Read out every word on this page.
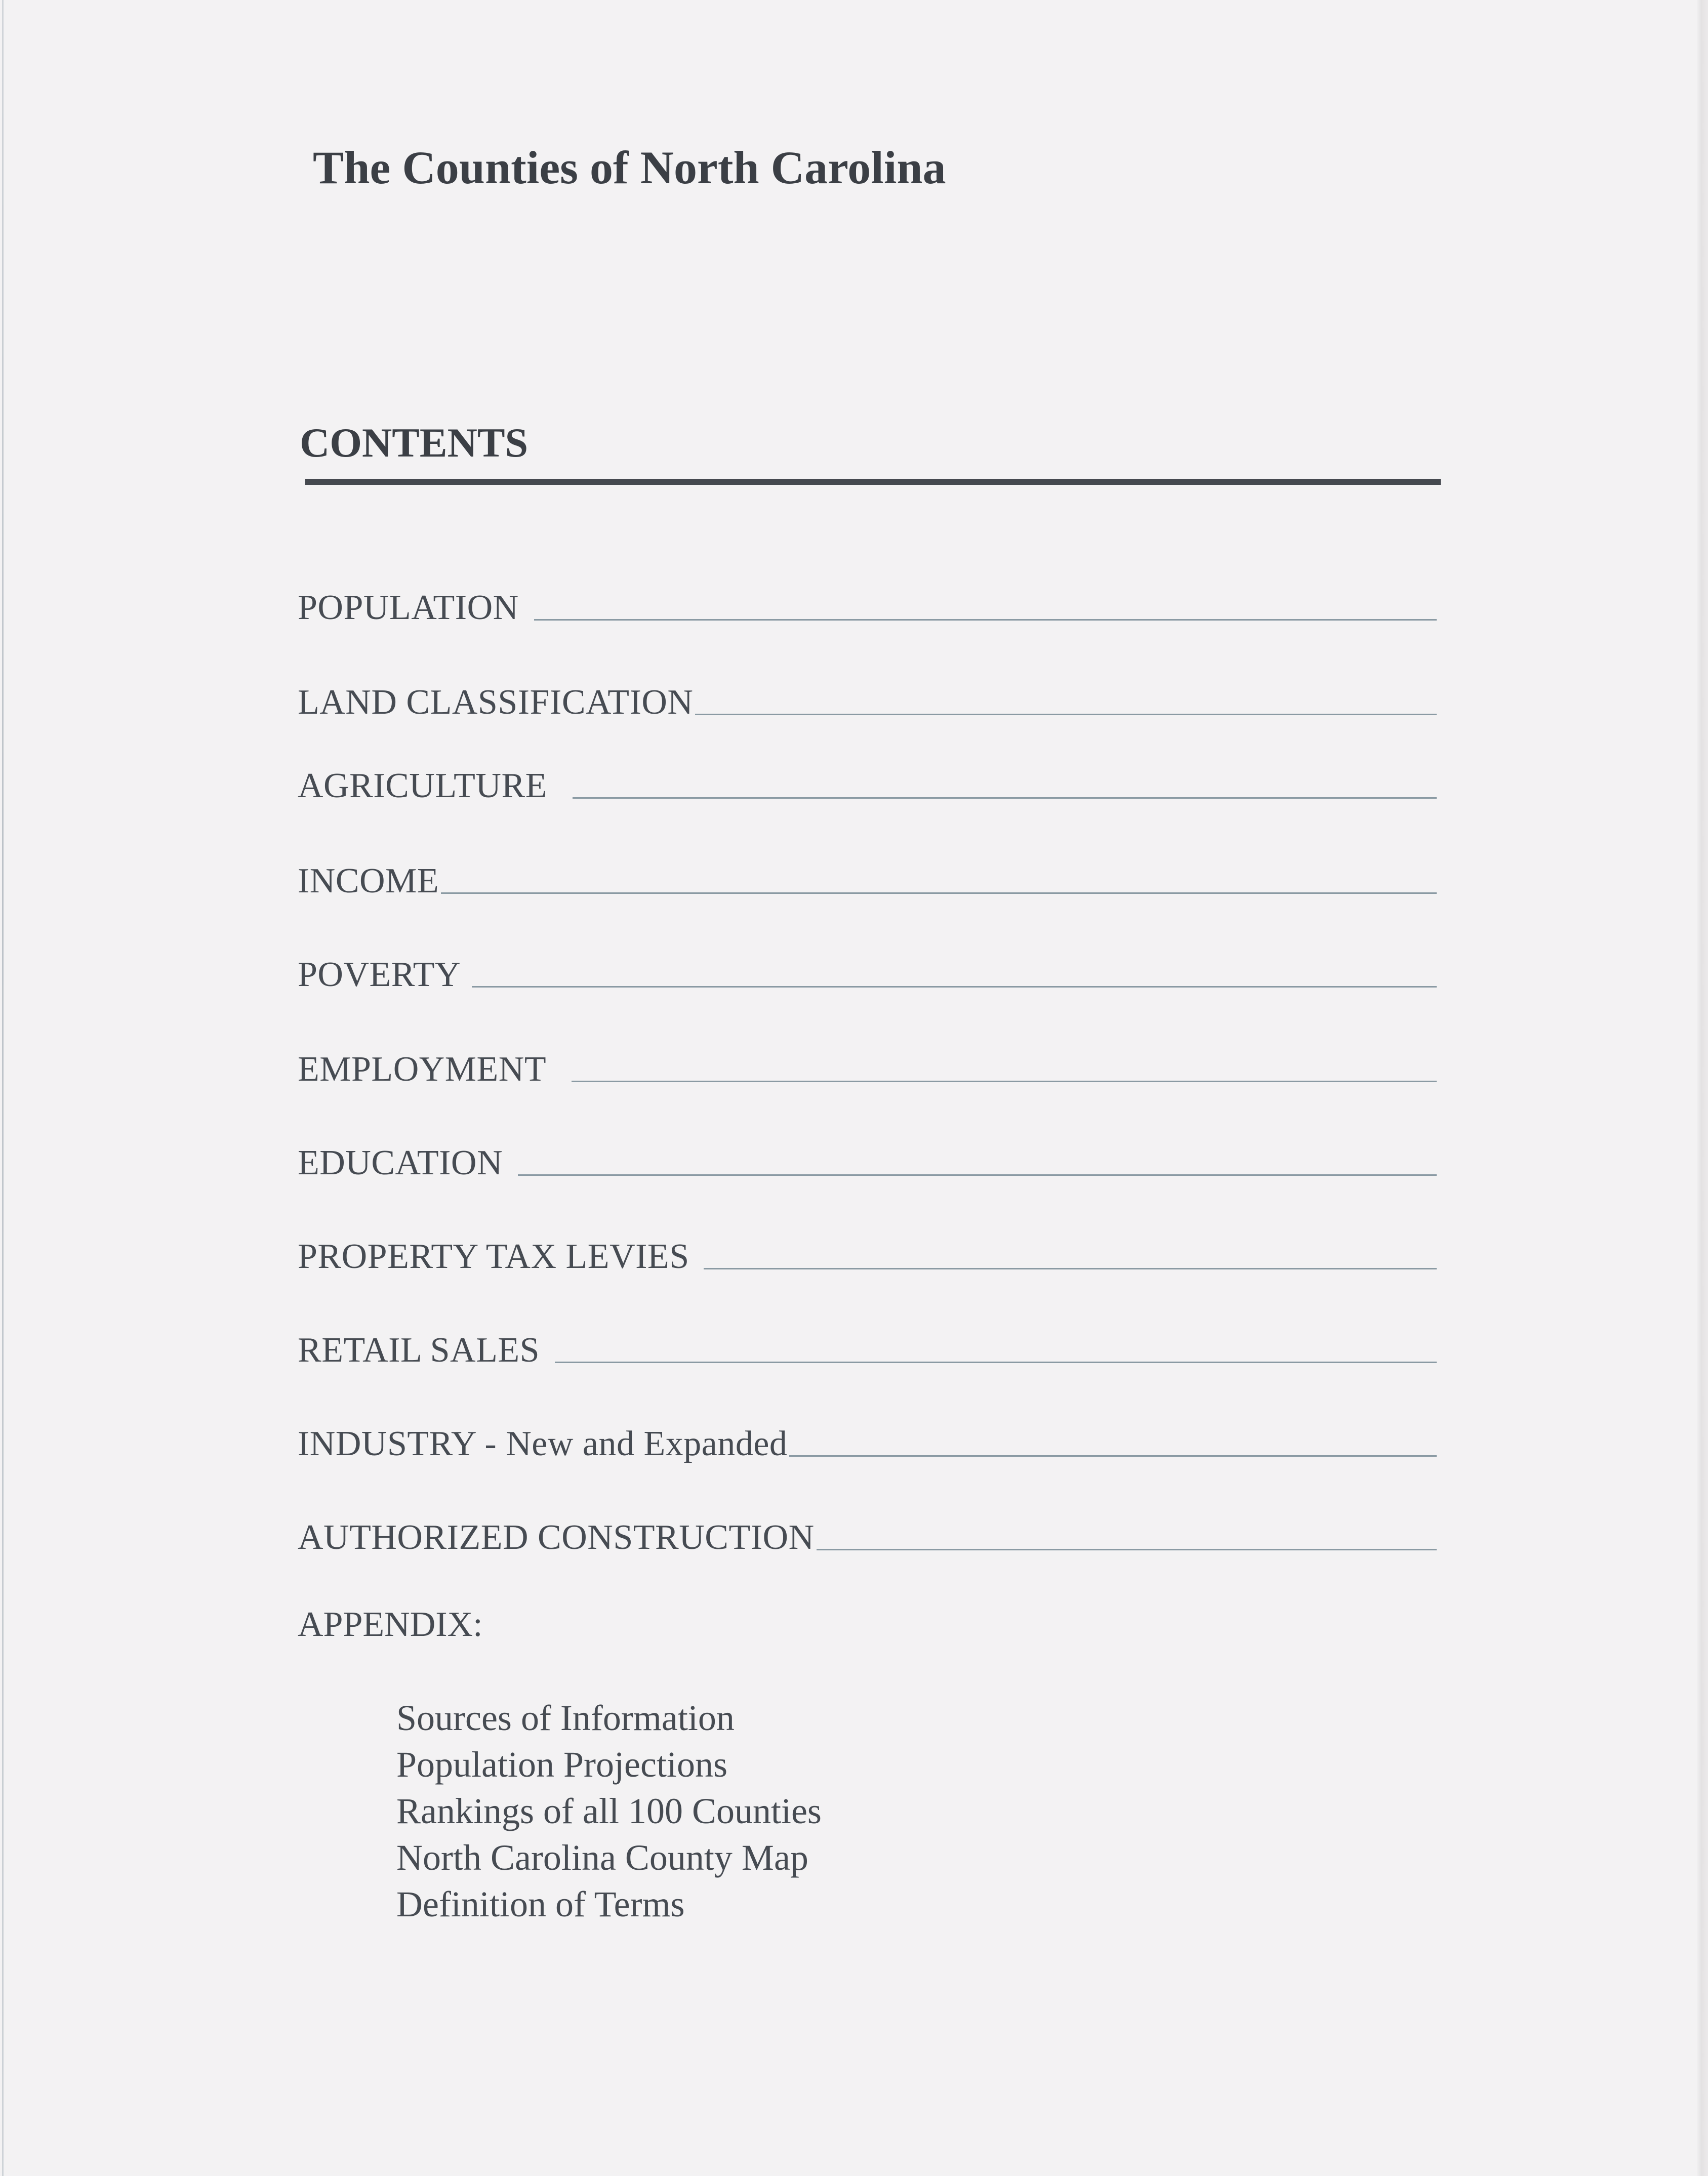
The Counties of North Carolina
CONTENTS
POPULATION
LAND CLASSIFICATION
AGRICULTURE
INCOME
POVERTY
EMPLOYMENT
EDUCATION
PROPERTY TAX LEVIES
RETAIL SALES
INDUSTRY - New and Expanded
AUTHORIZED CONSTRUCTION
APPENDIX:
Sources of Information
Population Projections
Rankings of all 100 Counties
North Carolina County Map
Definition of Terms
